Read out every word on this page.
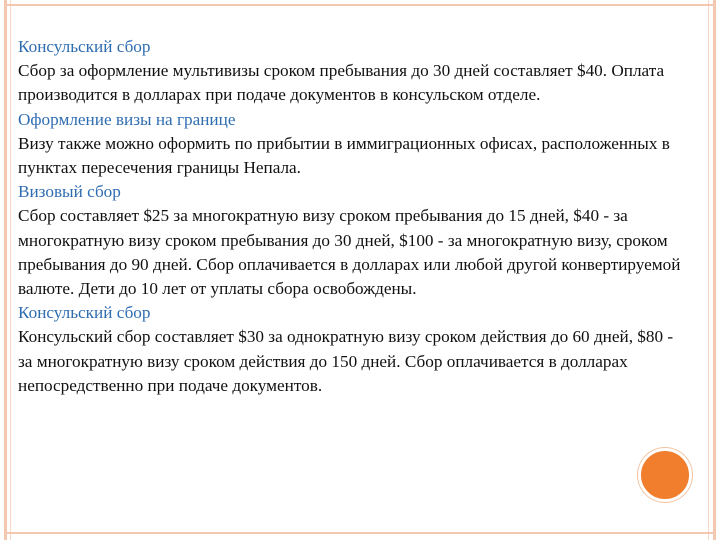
Консульский сбор

Сбор за оформление мультивизы сроком пребывания до 30 дней составляет $40. Оплата производится в долларах при подаче документов в консульском отделе.

Оформление визы на границе

Визу также можно оформить по прибытии в иммиграционных офисах, расположенных в пунктах пересечения границы Непала.

Визовый сбор

Сбор составляет $25 за многократную визу сроком пребывания до 15 дней, $40 - за многократную визу сроком пребывания до 30 дней, $100 - за многократную визу, сроком пребывания до 90 дней. Сбор оплачивается в долларах или любой другой конвертируемой валюте. Дети до 10 лет от уплаты сбора освобождены.

Консульский сбор

Консульский сбор составляет $30 за однократную визу сроком действия до 60 дней, $80 - за многократную визу сроком действия до 150 дней. Сбор оплачивается в долларах непосредственно при подаче документов.
